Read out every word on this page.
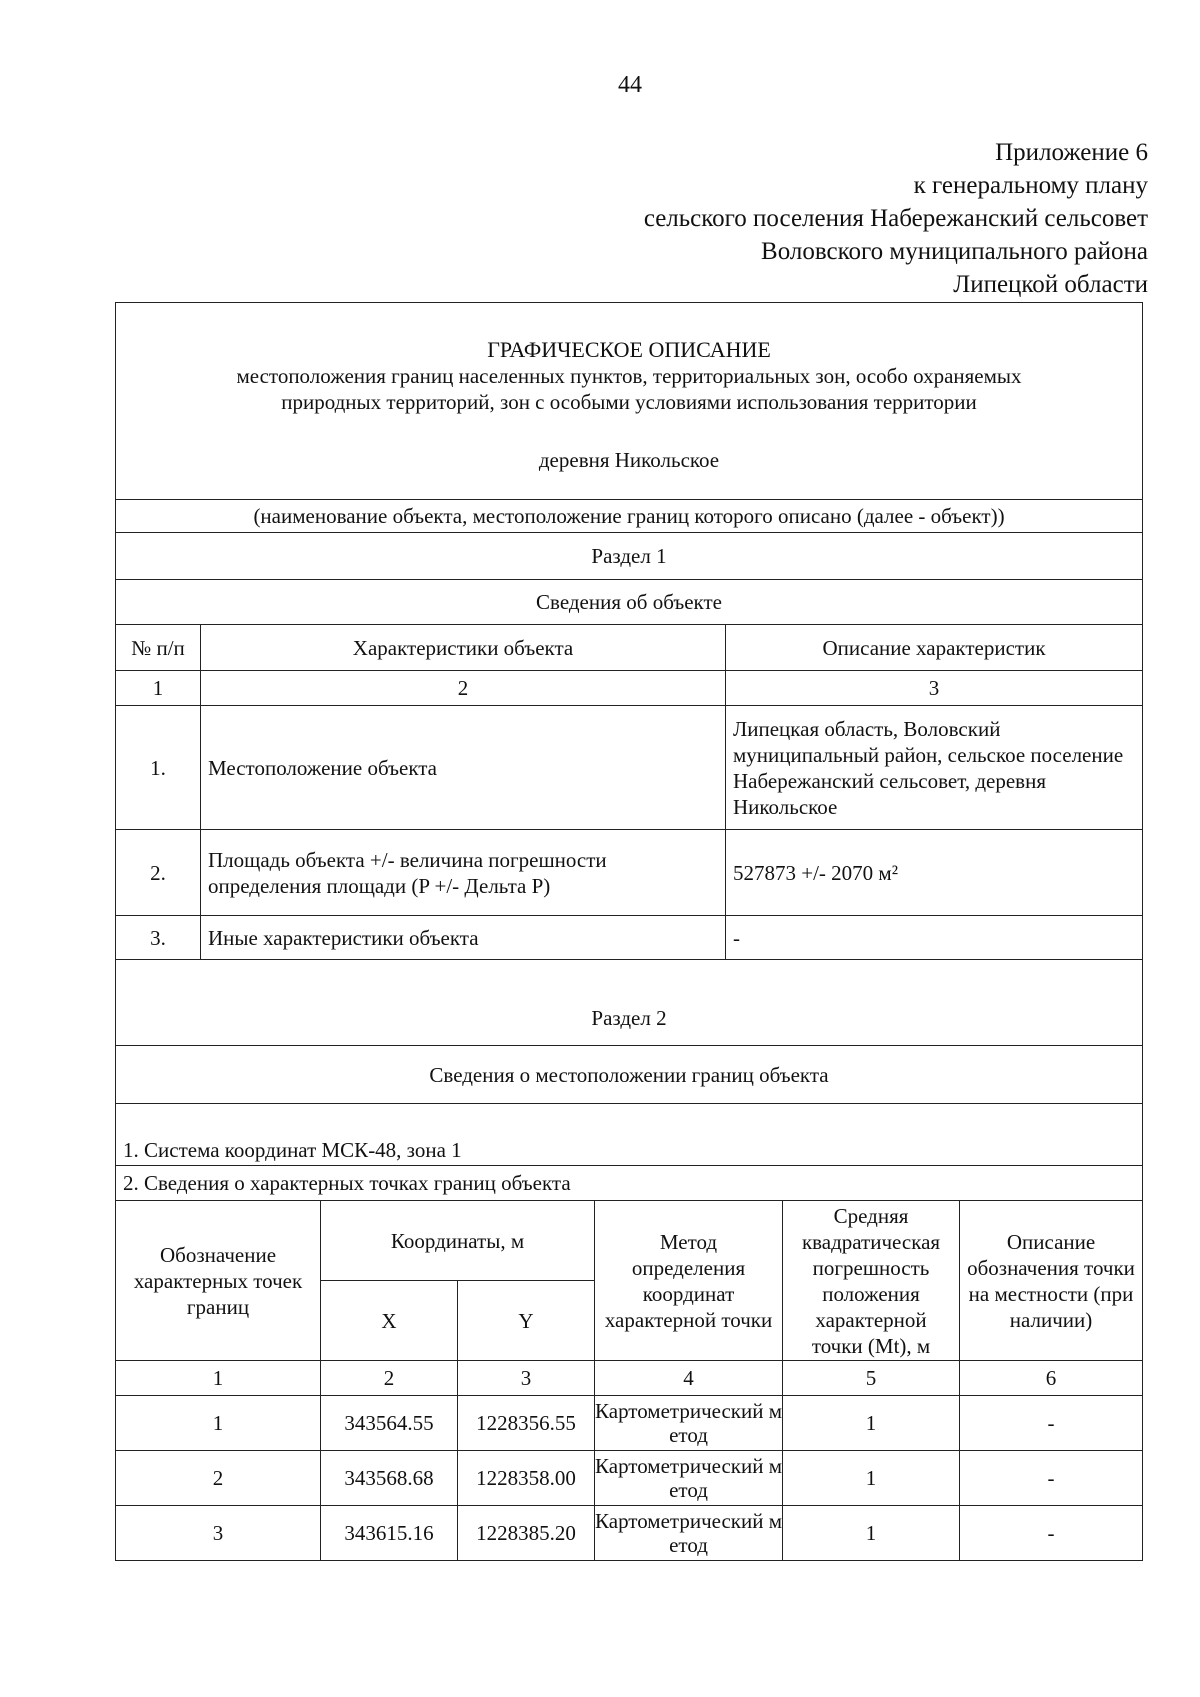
44
Приложение 6
к генеральному плану
сельского поселения Набережанский сельсовет
Воловского муниципального района
Липецкой области
ГРАФИЧЕСКОЕ ОПИСАНИЕ
местоположения границ населенных пунктов, территориальных зон, особо охраняемых
природных территорий, зон с особыми условиями использования территории
деревня Никольское		

(наименование объекта, местоположение границ которого описано (далее - объект))		
Раздел 1		
Сведения об объекте		
№ п/п	Характеристики объекта	Описание характеристик
1	2	3
1.	Местоположение объекта	Липецкая область, Воловский муниципальный район, сельское поселение Набережанский сельсовет, деревня Никольское
2.	Площадь объекта +/- величина погрешности определения площади (P +/- Дельта P)	527873 +/- 2070 м²
3.	Иные характеристики объекта	-
Раздел 2		
Сведения о местоположении границ объекта		
1. Система координат МСК-48, зона 1		
2. Сведения о характерных точках границ объекта		
Обозначение характерных точек границ	Координаты, м		Метод определения координат характерной точки	Средняя квадратическая погрешность положения характерной точки (Mt), м	Описание обозначения точки на местности (при наличии)
	X	Y			
1	2	3	4	5	6
1	343564.55	1228356.55	Картометрический метод	1	-
2	343568.68	1228358.00	Картометрический метод	1	-
3	343615.16	1228385.20	Картометрический метод	1	-
